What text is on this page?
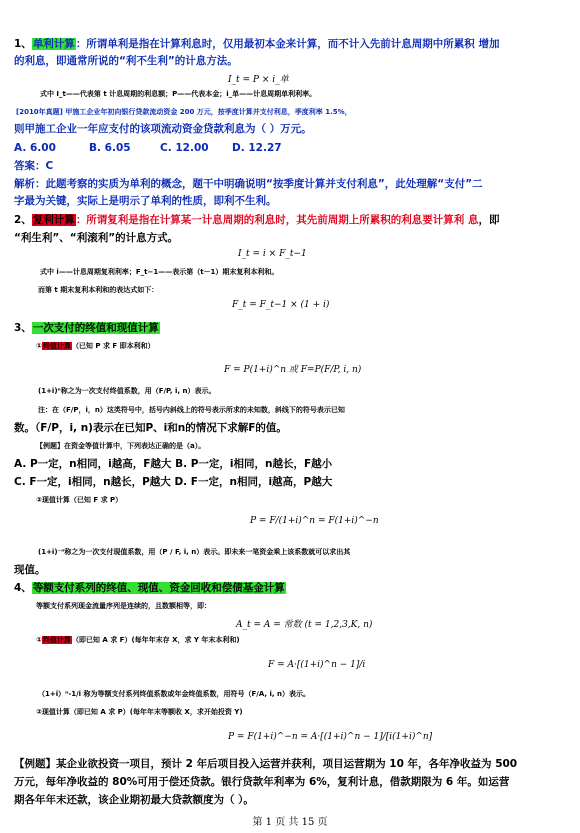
1、单利计算：所谓单利是指在计算利息时，仅用最初本金来计算，而不计入先前计息周期中所累积 增加
的利息，即通常所说的“利不生利”的计息方法。
I_t = P × i_单
式中 I_t——代表第 t 计息周期的利息额；P——代表本金；i_单——计息周期单利利率。
[2010年真题] 甲施工企业年初向银行贷款流动资金 200 万元，按季度计算并支付利息，季度利率 1.5%，
则甲施工企业一年应支付的该项流动资金贷款利息为（ ）万元。
A. 6.00	B. 6.05	C. 12.00 D. 12.27
答案：C
解析：此题考察的实质为单利的概念，题干中明确说明“按季度计算并支付利息”，此处理解“支付”二
字最为关键，实际上是明示了单利的性质，即利不生利。
2、复利计算：所谓复利是指在计算某一计息周期的利息时，其先前周期上所累积的利息要计算利 息，即
“利生利”、“利滚利”的计息方式。
I_t = i × F_t−1
式中 i——计息周期复利利率；F_t−1——表示第（t－1）期末复利本利和。
而第 t 期末复利本利和的表达式如下：
F_t = F_t−1 × (1 + i)
3、一次支付的终值和现值计算
①终值计算（已知 P 求 F 即本利和）
F = P(1+i)^n 或 F=P(F/P, i, n)
(1+i)ⁿ称之为一次支付终值系数，用（F/P, i, n）表示。
注：在（F/P，i，n）这类符号中，括号内斜线上的符号表示所求的未知数，斜线下的符号表示已知
数。（F/P，i, n)表示在已知P、i和n的情况下求解F的值。
【例题】在资金等值计算中，下列表达正确的是（a）。
A. P一定，n相同，i越高，F越大 B. P一定，i相同，n越长，F越小
C. F一定，i相同，n越长，P越大 D. F一定，n相同，i越高，P越大
②现值计算（已知 F 求 P）
P = F/(1+i)^n = F(1+i)^−n
(1+i)⁻ⁿ称之为一次支付现值系数，用（P / F, i, n）表示。即未来一笔资金乘上该系数就可以求出其
现值。
4、等额支付系列的终值、现值、资金回收和偿债基金计算
等额支付系列现金流量序列是连续的，且数额相等，即：
A_t = A = 常数 (t = 1,2,3,K, n)
①终值计算（即已知 A 求 F）(每年年末存 X，求 Y 年末本利和)
F = A·[(1+i)^n − 1]/i
（1+i）ⁿ-1/i 称为等额支付系列终值系数或年金终值系数，用符号（F/A, i, n）表示。
②现值计算（即已知 A 求 P）(每年年末等额收 X，求开始投资 Y)
P = F(1+i)^−n = A·[(1+i)^n − 1]/[i(1+i)^n]
【例题】某企业欲投资一项目，预计 2 年后项目投入运营并获利，项目运营期为 10 年，各年净收益为 500
万元，每年净收益的 80%可用于偿还贷款。银行贷款年利率为 6%，复利计息，借款期限为 6 年。如运营
期各年年末还款，该企业期初最大贷款额度为（ ）。
第 1 页 共 15 页
